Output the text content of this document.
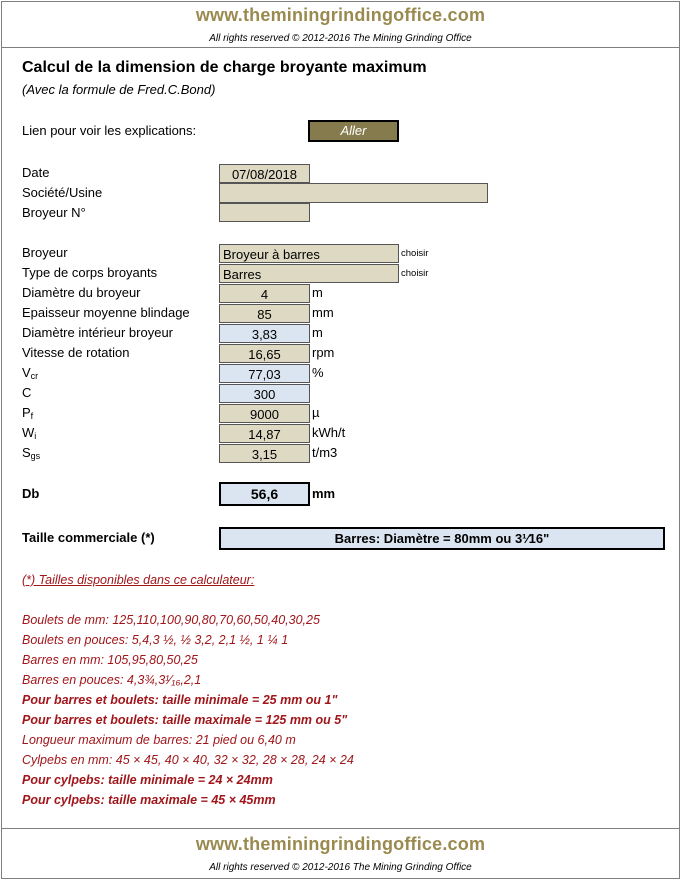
www.theminingrindingoffice.com
All rights reserved © 2012-2016 The Mining Grinding Office
Calcul de la dimension de charge broyante maximum
(Avec la formule de Fred.C.Bond)
Lien pour voir les explications:	Aller
Date	07/08/2018
Société/Usine
Broyeur N°
Broyeur	Broyeur à barres	choisir
Type de corps broyants	Barres	choisir
Diamètre du broyeur	4	m
Epaisseur moyenne blindage	85	mm
Diamètre intérieur broyeur	3,83	m
Vitesse de rotation	16,65	rpm
$V_{cr}$	77,03	%
C	300
$P_f$	9000	µ
$W_i$	14,87	kWh/t
$S_{gs}$	3,15	t/m3
Db	56,6	mm
Taille commerciale (*)	Barres: Diamètre = 80mm ou 3¹⁄16"
(*) Tailles disponibles dans ce calculateur:
Boulets de mm: 125,110,100,90,80,70,60,50,40,30,25
Boulets en pouces: 5,4,3 ½, ½ 3,2, 2,1 ½, 1 ¼ 1
Barres en mm: 105,95,80,50,25
Barres en pouces: 4,3¾,3¹⁄₁₆,2,1
Pour barres et boulets: taille minimale = 25 mm ou 1"
Pour barres et boulets: taille maximale = 125 mm ou 5"
Longueur maximum de barres: 21 pied ou 6,40 m
Cylpebs en mm: 45 × 45, 40 × 40, 32 × 32, 28 × 28, 24 × 24
Pour cylpebs: taille minimale = 24 × 24mm
Pour cylpebs: taille maximale = 45 × 45mm
www.theminingrindingoffice.com
All rights reserved © 2012-2016 The Mining Grinding Office
